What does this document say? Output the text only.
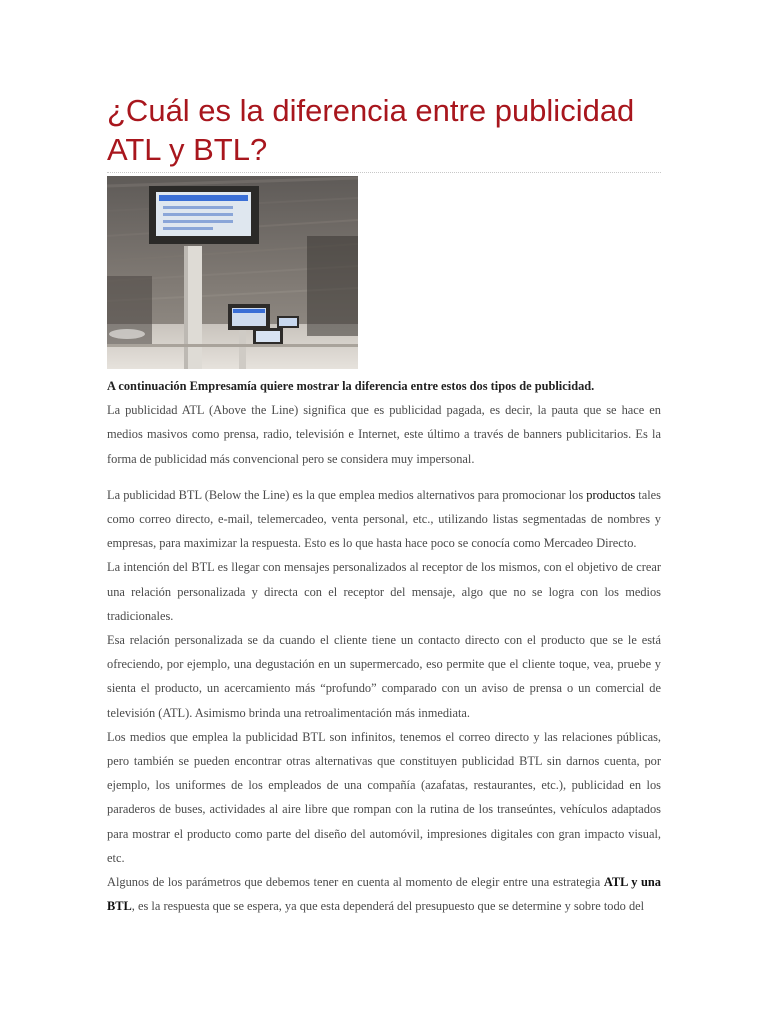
¿Cuál es la diferencia entre publicidad ATL y BTL?

A continuación Empresamía quiere mostrar la diferencia entre estos dos tipos de publicidad.

La publicidad ATL (Above the Line) significa que es publicidad pagada, es decir, la pauta que se hace en medios masivos como prensa, radio, televisión e Internet, este último a través de banners publicitarios. Es la forma de publicidad más convencional pero se considera muy impersonal.

La publicidad BTL (Below the Line) es la que emplea medios alternativos para promocionar los productos tales como correo directo, e-mail, telemercadeo, venta personal, etc., utilizando listas segmentadas de nombres y empresas, para maximizar la respuesta. Esto es lo que hasta hace poco se conocía como Mercadeo Directo.

La intención del BTL es llegar con mensajes personalizados al receptor de los mismos, con el objetivo de crear una relación personalizada y directa con el receptor del mensaje, algo que no se logra con los medios tradicionales.

Esa relación personalizada se da cuando el cliente tiene un contacto directo con el producto que se le está ofreciendo, por ejemplo, una degustación en un supermercado, eso permite que el cliente toque, vea, pruebe y sienta el producto, un acercamiento más “profundo” comparado con un aviso de prensa o un comercial de televisión (ATL). Asimismo brinda una retroalimentación más inmediata.

Los medios que emplea la publicidad BTL son infinitos, tenemos el correo directo y las relaciones públicas, pero también se pueden encontrar otras alternativas que constituyen publicidad BTL sin darnos cuenta, por ejemplo, los uniformes de los empleados de una compañía (azafatas, restaurantes, etc.), publicidad en los paraderos de buses, actividades al aire libre que rompan con la rutina de los transeúntes, vehículos adaptados para mostrar el producto como parte del diseño del automóvil, impresiones digitales con gran impacto visual, etc.

Algunos de los parámetros que debemos tener en cuenta al momento de elegir entre una estrategia ATL y una BTL, es la respuesta que se espera, ya que esta dependerá del presupuesto que se determine y sobre todo del
